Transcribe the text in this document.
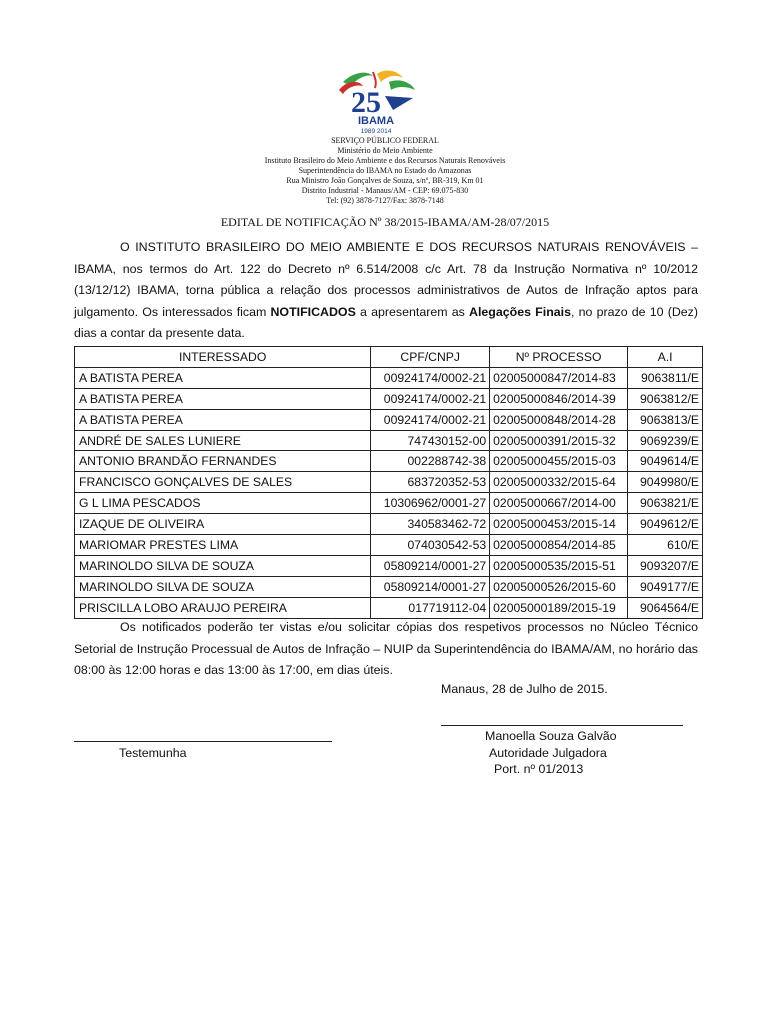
25
IBAMA
1989 2014
SERVIÇO PÚBLICO FEDERAL
Ministério do Meio Ambiente
Instituto Brasileiro do Meio Ambiente e dos Recursos Naturais Renováveis
Superintendência do IBAMA no Estado do Amazonas
Rua Ministro João Gonçalves de Souza, s/nº, BR-319, Km 01
Distrito Industrial - Manaus/AM - CEP: 69.075-830
Tel: (92) 3878-7127/Fax: 3878-7148
EDITAL DE NOTIFICAÇÃO Nº 38/2015-IBAMA/AM-28/07/2015

O INSTITUTO BRASILEIRO DO MEIO AMBIENTE E DOS RECURSOS NATURAIS RENOVÁVEIS – IBAMA, nos termos do Art. 122 do Decreto nº 6.514/2008 c/c Art. 78 da Instrução Normativa nº 10/2012 (13/12/12) IBAMA, torna pública a relação dos processos administrativos de Autos de Infração aptos para julgamento. Os interessados ficam NOTIFICADOS a apresentarem as Alegações Finais, no prazo de 10 (Dez) dias a contar da presente data.

INTERESSADO	CPF/CNPJ	Nº PROCESSO	A.I
A BATISTA PEREA	00924174/0002-21	02005000847/2014-83	9063811/E
A BATISTA PEREA	00924174/0002-21	02005000846/2014-39	9063812/E
A BATISTA PEREA	00924174/0002-21	02005000848/2014-28	9063813/E
ANDRÉ DE SALES LUNIERE	747430152-00	02005000391/2015-32	9069239/E
ANTONIO BRANDÃO FERNANDES	002288742-38	02005000455/2015-03	9049614/E
FRANCISCO GONÇALVES DE SALES	683720352-53	02005000332/2015-64	9049980/E
G L LIMA PESCADOS	10306962/0001-27	02005000667/2014-00	9063821/E
IZAQUE DE OLIVEIRA	340583462-72	02005000453/2015-14	9049612/E
MARIOMAR PRESTES LIMA	074030542-53	02005000854/2014-85	610/E
MARINOLDO SILVA DE SOUZA	05809214/0001-27	02005000535/2015-51	9093207/E
MARINOLDO SILVA DE SOUZA	05809214/0001-27	02005000526/2015-60	9049177/E
PRISCILLA LOBO ARAUJO PEREIRA	017719112-04	02005000189/2015-19	9064564/E

Os notificados poderão ter vistas e/ou solicitar cópias dos respetivos processos no Núcleo Técnico Setorial de Instrução Processual de Autos de Infração – NUIP da Superintendência do IBAMA/AM, no horário das 08:00 às 12:00 horas e das 13:00 às 17:00, em dias úteis.

Manaus, 28 de Julho de 2015.
Manoella Souza Galvão
Testemunha	Autoridade Julgadora
Port. nº 01/2013
